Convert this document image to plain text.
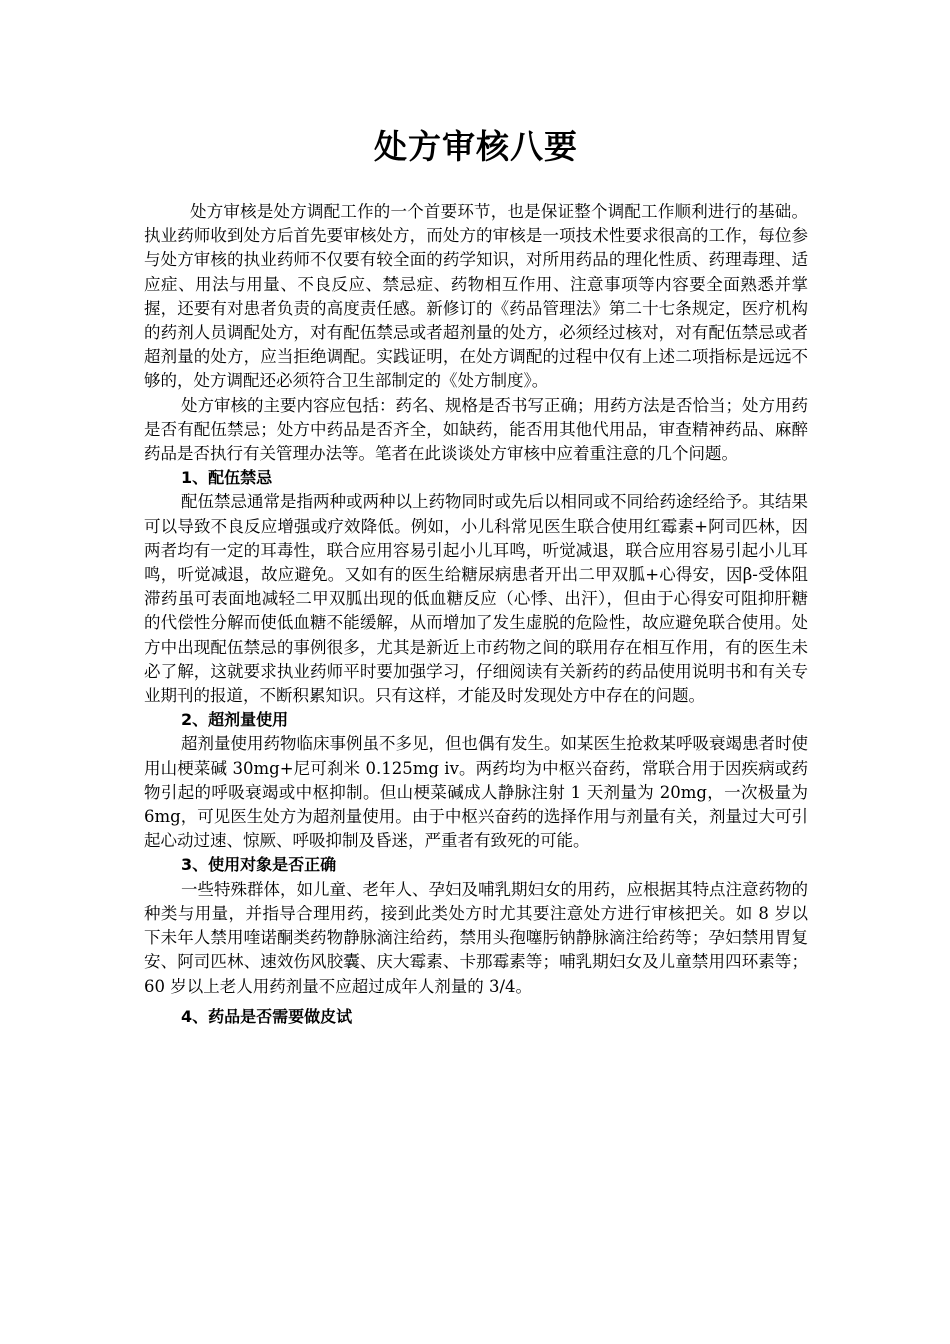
处方审核八要

处方审核是处方调配工作的一个首要环节，也是保证整个调配工作顺利进行的基础。执业药师收到处方后首先要审核处方，而处方的审核是一项技术性要求很高的工作，每位参与处方审核的执业药师不仅要有较全面的药学知识，对所用药品的理化性质、药理毒理、适应症、用法与用量、不良反应、禁忌症、药物相互作用、注意事项等内容要全面熟悉并掌握，还要有对患者负责的高度责任感。新修订的《药品管理法》第二十七条规定，医疗机构的药剂人员调配处方，对有配伍禁忌或者超剂量的处方，必须经过核对，对有配伍禁忌或者超剂量的处方，应当拒绝调配。实践证明，在处方调配的过程中仅有上述二项指标是远远不够的，处方调配还必须符合卫生部制定的《处方制度》。

处方审核的主要内容应包括：药名、规格是否书写正确；用药方法是否恰当；处方用药是否有配伍禁忌；处方中药品是否齐全，如缺药，能否用其他代用品，审查精神药品、麻醉药品是否执行有关管理办法等。笔者在此谈谈处方审核中应着重注意的几个问题。

1、配伍禁忌

配伍禁忌通常是指两种或两种以上药物同时或先后以相同或不同给药途经给予。其结果可以导致不良反应增强或疗效降低。例如，小儿科常见医生联合使用红霉素+阿司匹林，因两者均有一定的耳毒性，联合应用容易引起小儿耳鸣，听觉减退，联合应用容易引起小儿耳鸣，听觉减退，故应避免。又如有的医生给糖尿病患者开出二甲双胍+心得安，因β-受体阻滞药虽可表面地减轻二甲双胍出现的低血糖反应（心悸、出汗），但由于心得安可阻抑肝糖的代偿性分解而使低血糖不能缓解，从而增加了发生虚脱的危险性，故应避免联合使用。处方中出现配伍禁忌的事例很多，尤其是新近上市药物之间的联用存在相互作用，有的医生未必了解，这就要求执业药师平时要加强学习，仔细阅读有关新药的药品使用说明书和有关专业期刊的报道，不断积累知识。只有这样，才能及时发现处方中存在的问题。

2、超剂量使用

超剂量使用药物临床事例虽不多见，但也偶有发生。如某医生抢救某呼吸衰竭患者时使用山梗菜碱 30mg+尼可刹米 0.125mg iv。两药均为中枢兴奋药，常联合用于因疾病或药物引起的呼吸衰竭或中枢抑制。但山梗菜碱成人静脉注射 1 天剂量为 20mg，一次极量为 6mg，可见医生处方为超剂量使用。由于中枢兴奋药的选择作用与剂量有关，剂量过大可引起心动过速、惊厥、呼吸抑制及昏迷，严重者有致死的可能。

3、使用对象是否正确

一些特殊群体，如儿童、老年人、孕妇及哺乳期妇女的用药，应根据其特点注意药物的种类与用量，并指导合理用药，接到此类处方时尤其要注意处方进行审核把关。如 8 岁以下未年人禁用喹诺酮类药物静脉滴注给药，禁用头孢噻肟钠静脉滴注给药等；孕妇禁用胃复安、阿司匹林、速效伤风胶囊、庆大霉素、卡那霉素等；哺乳期妇女及儿童禁用四环素等；60 岁以上老人用药剂量不应超过成年人剂量的 3/4。

4、药品是否需要做皮试
